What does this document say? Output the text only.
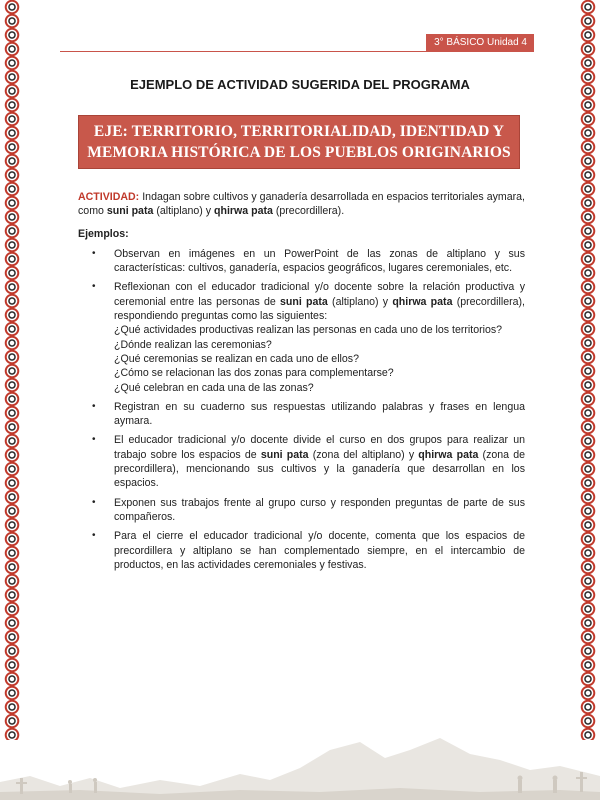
3° BÁSICO Unidad 4
EJEMPLO DE ACTIVIDAD SUGERIDA DEL PROGRAMA
EJE: TERRITORIO, TERRITORIALIDAD, IDENTIDAD Y
MEMORIA HISTÓRICA DE LOS PUEBLOS ORIGINARIOS

ACTIVIDAD: Indagan sobre cultivos y ganadería desarrollada en espacios territoriales aymara, como suni pata (altiplano) y qhirwa pata (precordillera).

Ejemplos:

• Observan en imágenes en un PowerPoint de las zonas de altiplano y sus características: cultivos, ganadería, espacios geográficos, lugares ceremoniales, etc.
• Reflexionan con el educador tradicional y/o docente sobre la relación productiva y ceremonial entre las personas de suni pata (altiplano) y qhirwa pata (precordillera), respondiendo preguntas como las siguientes:
¿Qué actividades productivas realizan las personas en cada uno de los territorios?
¿Dónde realizan las ceremonias?
¿Qué ceremonias se realizan en cada uno de ellos?
¿Cómo se relacionan las dos zonas para complementarse?
¿Qué celebran en cada una de las zonas?
• Registran en su cuaderno sus respuestas utilizando palabras y frases en lengua aymara.
• El educador tradicional y/o docente divide el curso en dos grupos para realizar un trabajo sobre los espacios de suni pata (zona del altiplano) y qhirwa pata (zona de precordillera), mencionando sus cultivos y la ganadería que desarrollan en los espacios.
• Exponen sus trabajos frente al grupo curso y responden preguntas de parte de sus compañeros.
• Para el cierre el educador tradicional y/o docente, comenta que los espacios de precordillera y altiplano se han complementado siempre, en el intercambio de productos, en las actividades ceremoniales y festivas.
